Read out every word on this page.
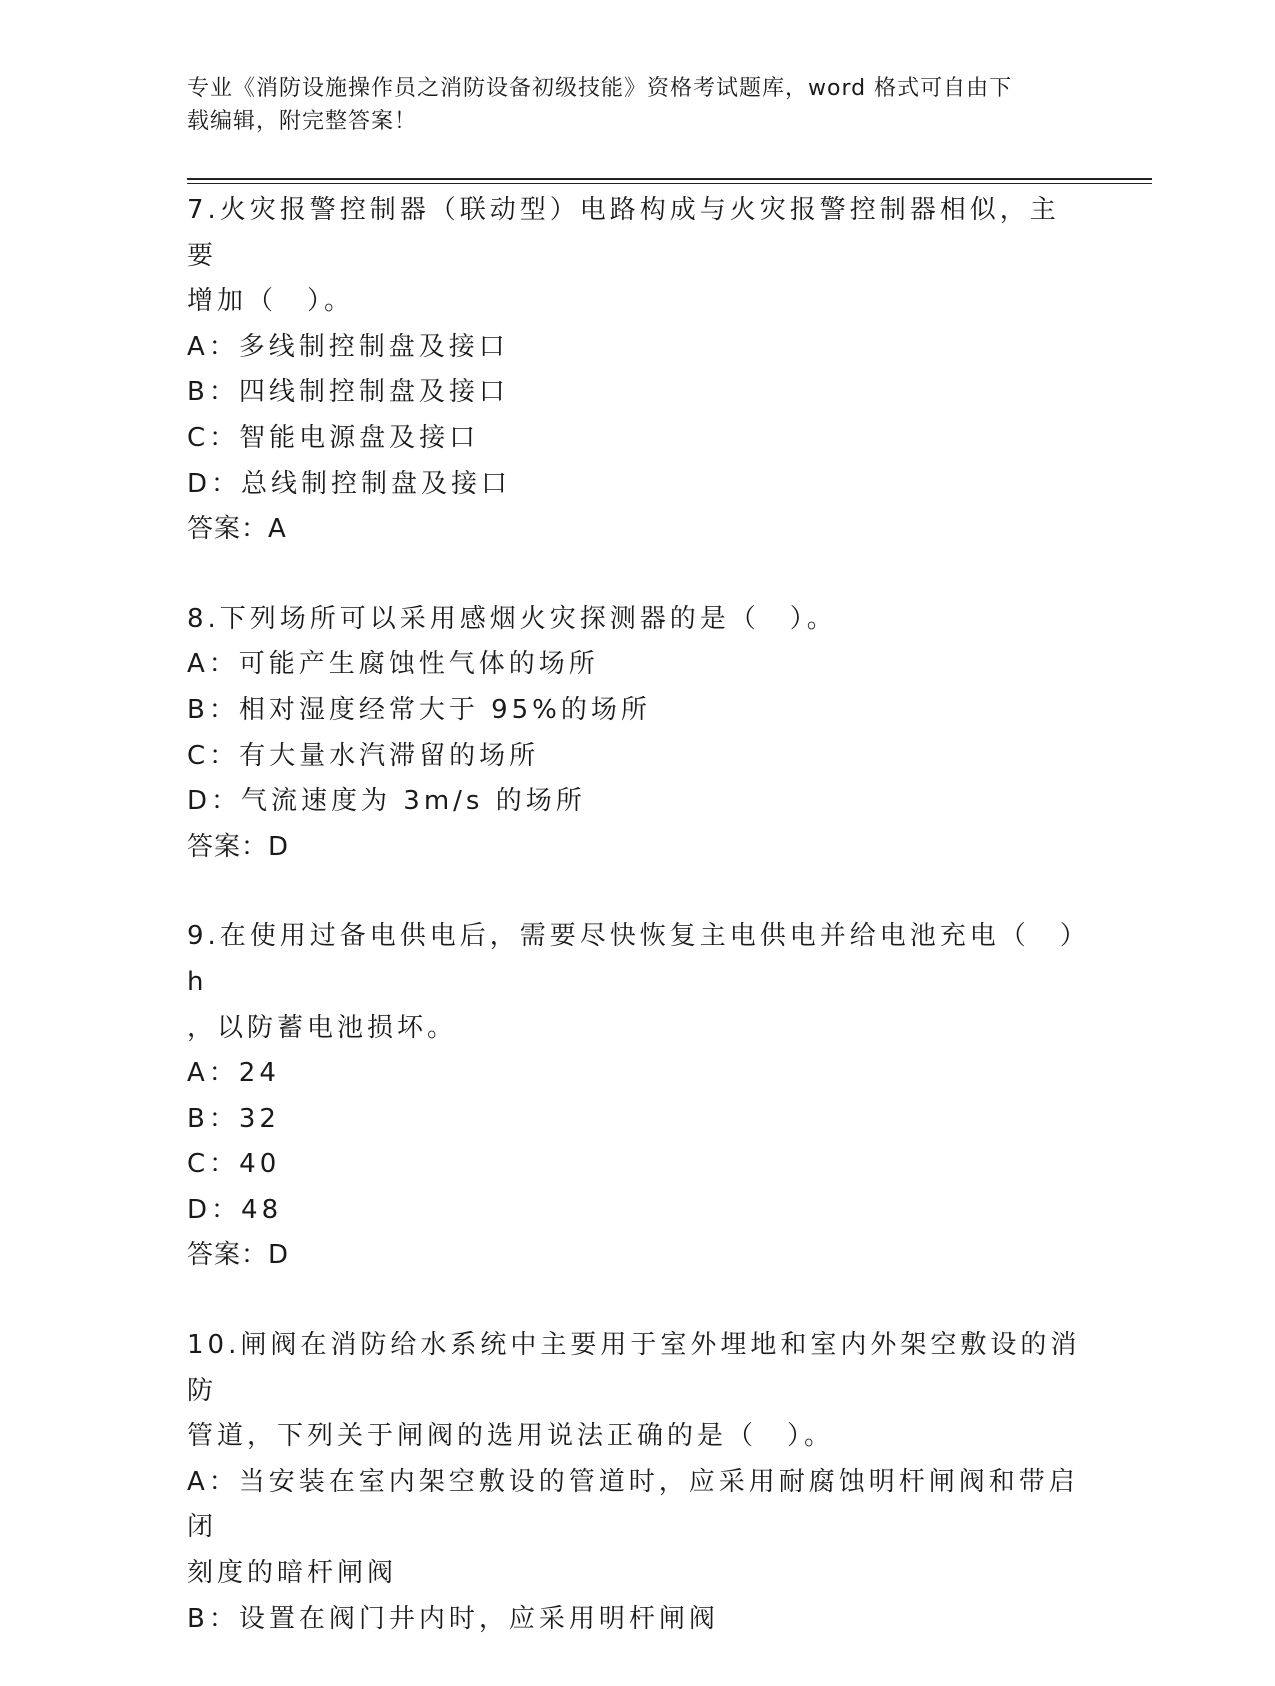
专业《消防设施操作员之消防设备初级技能》资格考试题库，word 格式可自由下
载编辑，附完整答案！
7.火灾报警控制器（联动型）电路构成与火灾报警控制器相似，主要
增加（　）。
A：多线制控制盘及接口
B：四线制控制盘及接口
C：智能电源盘及接口
D：总线制控制盘及接口
答案：A
8.下列场所可以采用感烟火灾探测器的是（　）。
A：可能产生腐蚀性气体的场所
B：相对湿度经常大于 95%的场所
C：有大量水汽滞留的场所
D：气流速度为 3m/s 的场所
答案：D
9.在使用过备电供电后，需要尽快恢复主电供电并给电池充电（　）h
，以防蓄电池损坏。
A：24
B：32
C：40
D：48
答案：D
10.闸阀在消防给水系统中主要用于室外埋地和室内外架空敷设的消防
管道，下列关于闸阀的选用说法正确的是（　）。
A：当安装在室内架空敷设的管道时，应采用耐腐蚀明杆闸阀和带启闭
刻度的暗杆闸阀
B：设置在阀门井内时，应采用明杆闸阀
